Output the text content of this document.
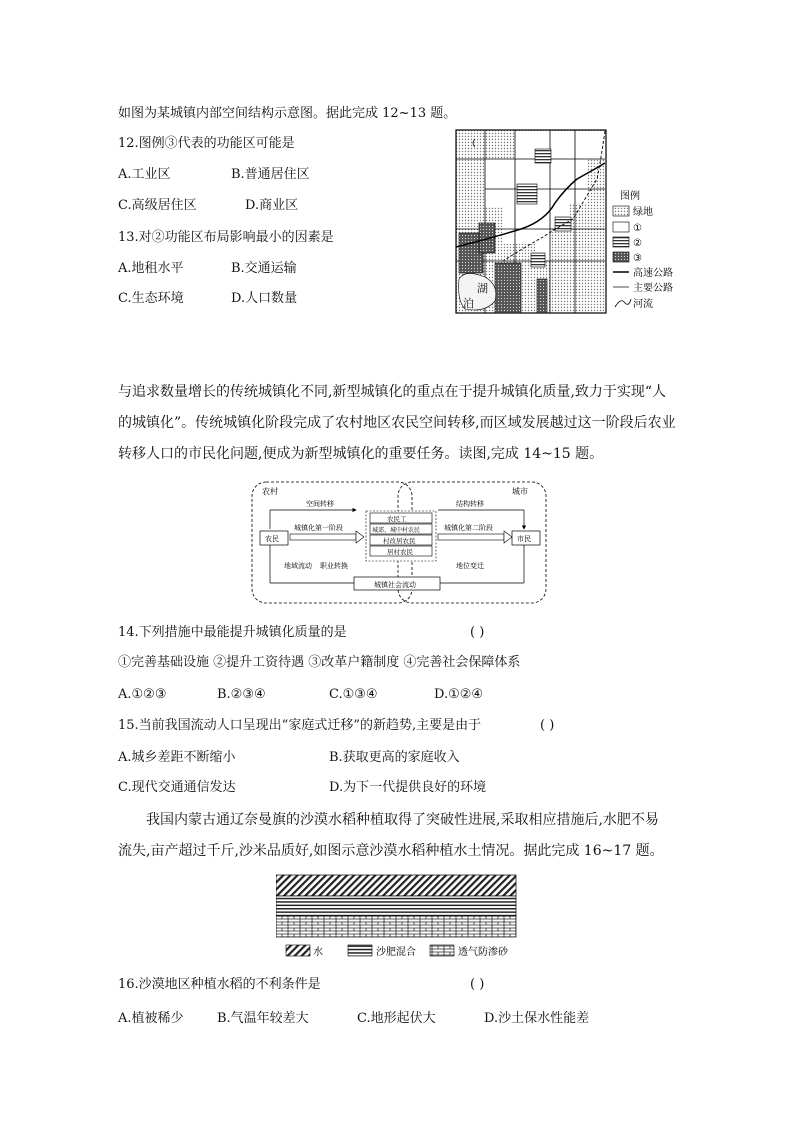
如图为某城镇内部空间结构示意图。据此完成 12~13 题。
12.图例③代表的功能区可能是
A.工业区	B.普通居住区
C.高级居住区	D.商业区
13.对②功能区布局影响最小的因素是
A.地租水平	B.交通运输
C.生态环境	D.人口数量
湖
泊
图例
绿地
①
②
③
高速公路
主要公路
河流
与追求数量增长的传统城镇化不同,新型城镇化的重点在于提升城镇化质量,致力于实现“人
的城镇化”。传统城镇化阶段完成了农村地区农民空间转移,而区域发展越过这一阶段后农业
转移人口的市民化问题,便成为新型城镇化的重要任务。读图,完成 14~15 题。
农村	城市
空间转移	结构转移
农民
城镇化第一阶段
农民工
城郊、城中村农民
村改居农民
居村农民
城镇化第二阶段
市民
地域流动 职业转换	地位变迁
城镇社会流动
14.下列措施中最能提升城镇化质量的是	( )
①完善基础设施 ②提升工资待遇 ③改革户籍制度 ④完善社会保障体系
A.①②③	B.②③④	C.①③④	D.①②④
15.当前我国流动人口呈现出“家庭式迁移”的新趋势,主要是由于	( )
A.城乡差距不断缩小	B.获取更高的家庭收入
C.现代交通通信发达	D.为下一代提供良好的环境
我国内蒙古通辽奈曼旗的沙漠水稻种植取得了突破性进展,采取相应措施后,水肥不易
流失,亩产超过千斤,沙米品质好,如图示意沙漠水稻种植水土情况。据此完成 16~17 题。
水	沙肥混合	透气防渗砂
16.沙漠地区种植水稻的不利条件是	( )
A.植被稀少	B.气温年较差大	C.地形起伏大	D.沙土保水性能差
